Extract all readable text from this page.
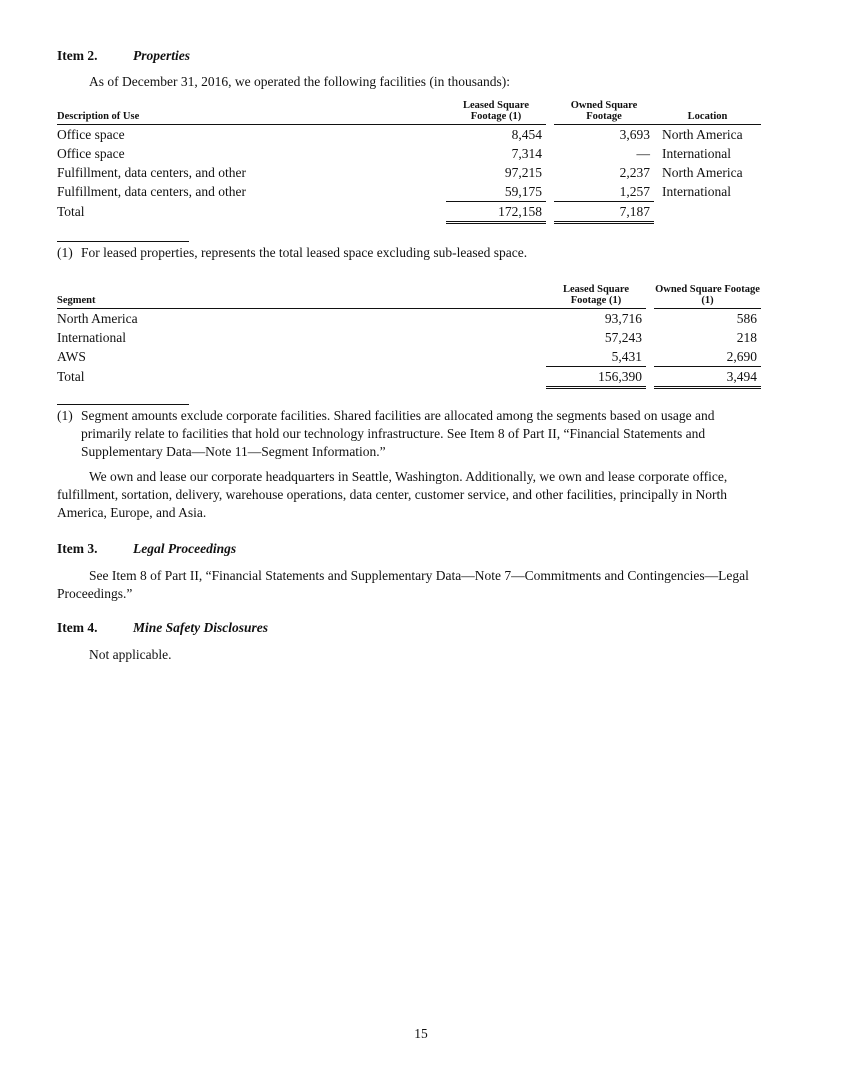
Item 2.	Properties
As of December 31, 2016, we operated the following facilities (in thousands):
Description of Use	Leased Square Footage (1)		Owned Square Footage	Location
Office space	8,454		3,693	North America
Office space	7,314		—	International
Fulfillment, data centers, and other	97,215		2,237	North America
Fulfillment, data centers, and other	59,175		1,257	International
Total	172,158		7,187	
(1) For leased properties, represents the total leased space excluding sub-leased space.
Segment	Leased Square Footage (1)		Owned Square Footage (1)
North America	93,716		586
International	57,243		218
AWS	5,431		2,690
Total	156,390		3,494
(1) Segment amounts exclude corporate facilities. Shared facilities are allocated among the segments based on usage and primarily relate to facilities that hold our technology infrastructure. See Item 8 of Part II, “Financial Statements and Supplementary Data—Note 11—Segment Information.”
We own and lease our corporate headquarters in Seattle, Washington. Additionally, we own and lease corporate office, fulfillment, sortation, delivery, warehouse operations, data center, customer service, and other facilities, principally in North America, Europe, and Asia.
Item 3.	Legal Proceedings
See Item 8 of Part II, “Financial Statements and Supplementary Data—Note 7—Commitments and Contingencies—Legal Proceedings.”
Item 4.	Mine Safety Disclosures
Not applicable.
15
